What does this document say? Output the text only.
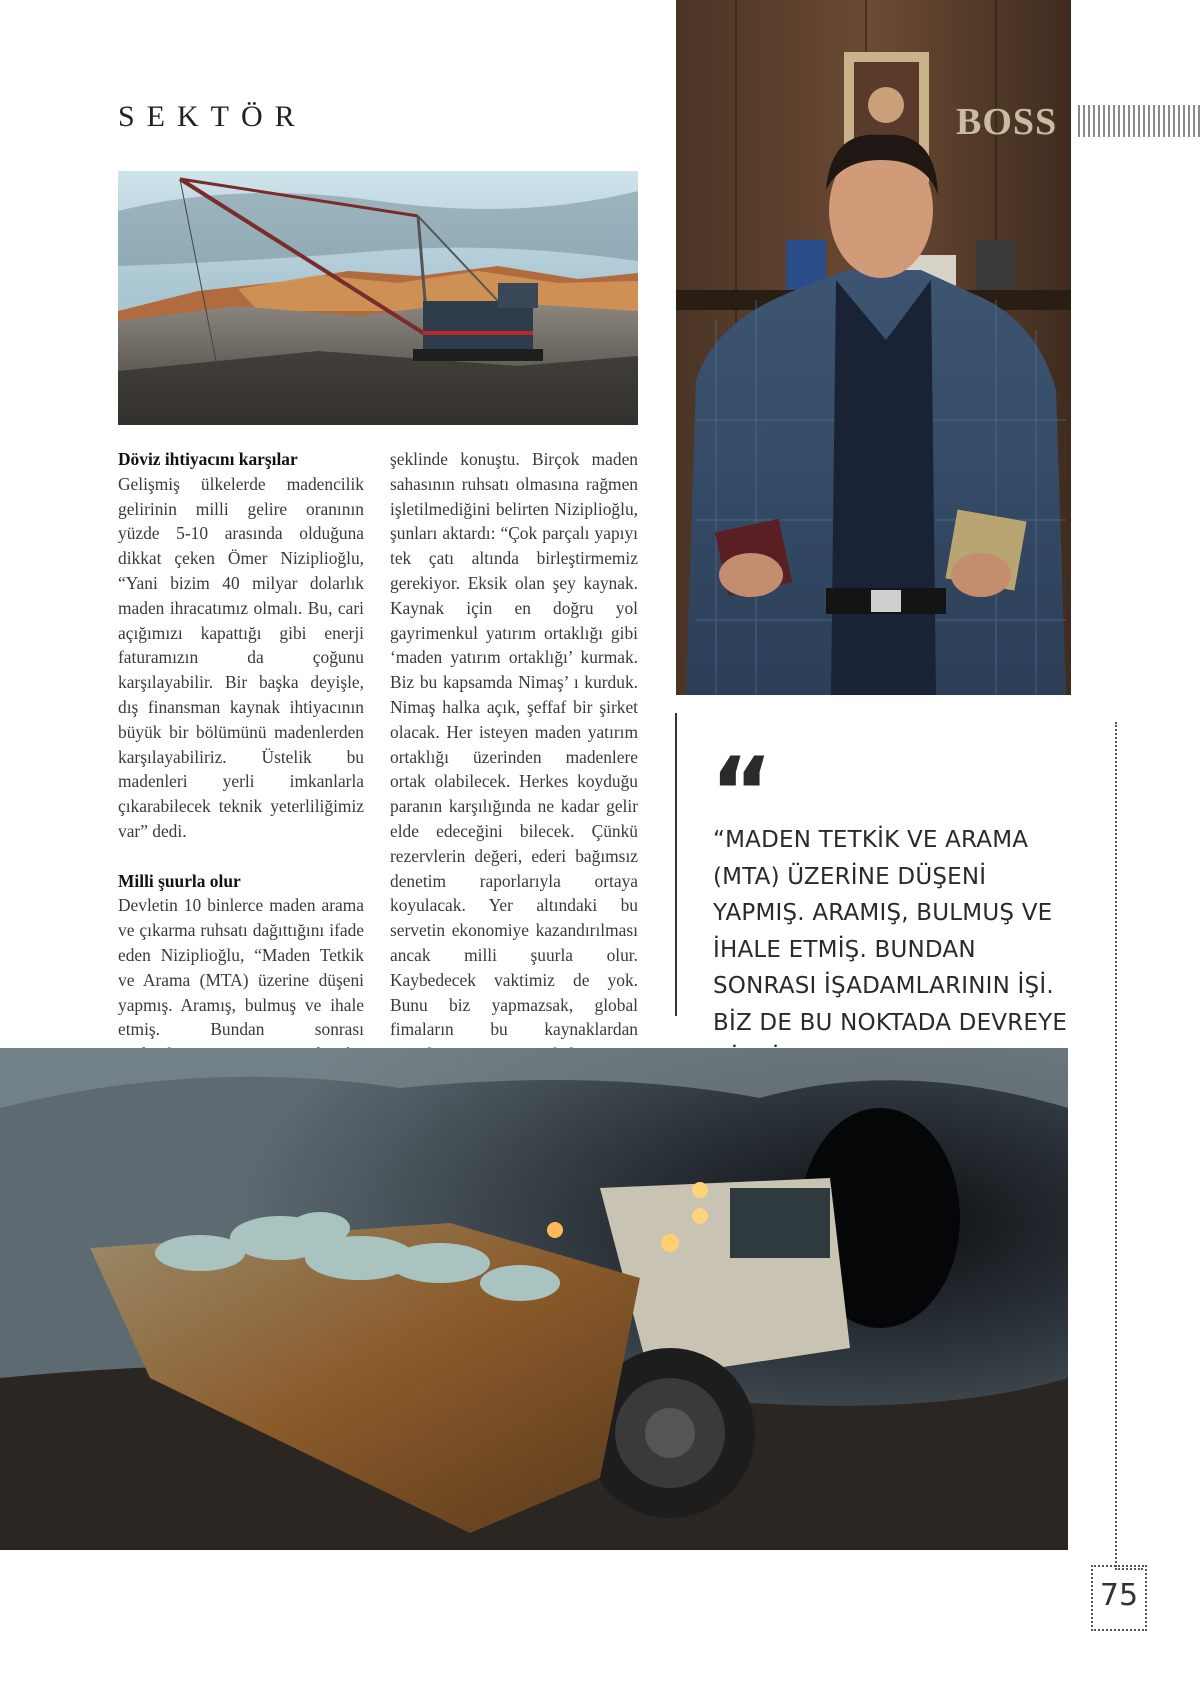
SEKTÖR	BOSS

Döviz ihtiyacını karşılar

Gelişmiş ülkelerde madencilik gelirinin milli gelire oranının yüzde 5-10 arasında olduğuna dikkat çeken Ömer Niziplioğlu, “Yani bizim 40 milyar dolarlık maden ihracatımız olmalı. Bu, cari açığımızı kapattığı gibi enerji faturamızın da çoğunu karşılayabilir. Bir başka deyişle, dış finansman kaynak ihtiyacının büyük bir bölümünü madenlerden karşılayabiliriz. Üstelik bu madenleri yerli imkanlarla çıkarabilecek teknik yeterliliğimiz var” dedi.

Milli şuurla olur

Devletin 10 binlerce maden arama ve çıkarma ruhsatı dağıttığını ifade eden Niziplioğlu, “Maden Tetkik ve Arama (MTA) üzerine düşeni yapmış. Aramış, bulmuş ve ihale etmiş. Bundan sonrası

şeklinde konuştu. Birçok maden sahasının ruhsatı olmasına rağmen işletilmediğini belirten Niziplioğlu, şunları aktardı: “Çok parçalı yapıyı tek çatı altında birleştirmemiz gerekiyor. Eksik olan şey kaynak. Kaynak için en doğru yol gayrimenkul yatırım ortaklığı gibi ‘maden yatırım ortaklığı’ kurmak. Biz bu kapsamda Nimaş’ ı kurduk. Nimaş halka açık, şeffaf bir şirket olacak. Her isteyen maden yatırım ortaklığı üzerinden madenlere ortak olabilecek. Herkes koyduğu paranın karşılığında ne kadar gelir elde edeceğini bilecek. Çünkü rezervlerin değeri, ederi bağımsız denetim raporlarıyla ortaya koyulacak. Yer altındaki bu servetin ekonomiye kazandırılması ancak milli şuurla olur. Kaybedecek vaktimiz de yok. Bunu biz yapmazsak, global fimaların bu kaynaklardan

“
“MADEN TETKİK VE ARAMA (MTA) ÜZERİNE DÜŞENİ YAPMIŞ. ARAMIŞ, BULMUŞ VE İHALE ETMİŞ. BUNDAN SONRASI İŞADAMLARININ İŞİ. BİZ DE BU NOKTADA DEVREYE
75
